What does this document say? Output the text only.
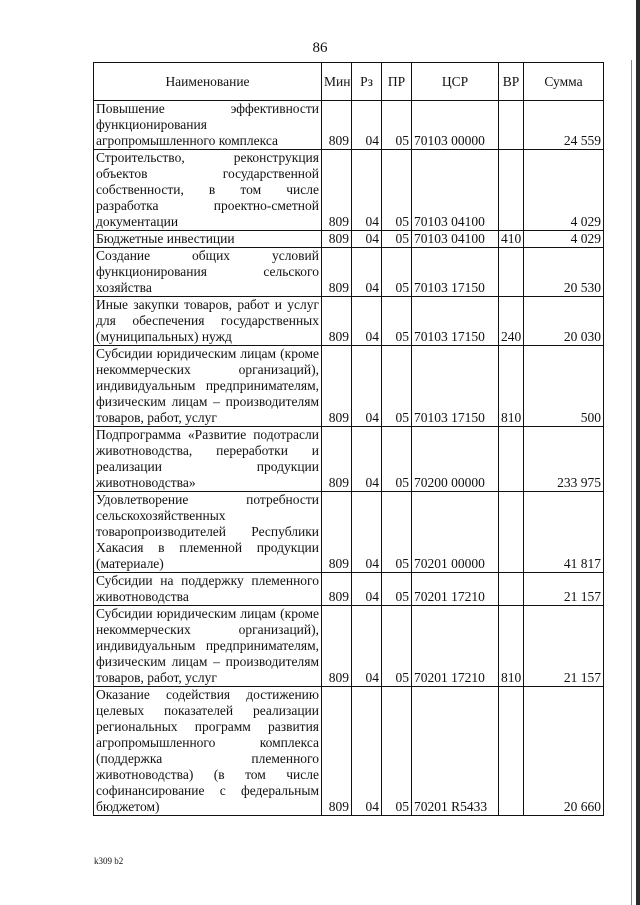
86
Наименование	Мин	Рз	ПР	ЦСР	ВР	Сумма
Повышение эффективности функционирования агропромышленного комплекса	809	04	05	70103 00000		24 559
Строительство, реконструкция объектов государственной собственности, в том числе разработка проектно-сметной документации	809	04	05	70103 04100		4 029
Бюджетные инвестиции	809	04	05	70103 04100	410	4 029
Создание общих условий функционирования сельского хозяйства	809	04	05	70103 17150		20 530
Иные закупки товаров, работ и услуг для обеспечения государственных (муниципальных) нужд	809	04	05	70103 17150	240	20 030
Субсидии юридическим лицам (кроме некоммерческих организаций), индивидуальным предпринимателям, физическим лицам – производителям товаров, работ, услуг	809	04	05	70103 17150	810	500
Подпрограмма «Развитие подотрасли животноводства, переработки и реализации продукции животноводства»	809	04	05	70200 00000		233 975
Удовлетворение потребности сельскохозяйственных товаропроизводителей Республики Хакасия в племенной продукции (материале)	809	04	05	70201 00000		41 817
Субсидии на поддержку племенного животноводства	809	04	05	70201 17210		21 157
Субсидии юридическим лицам (кроме некоммерческих организаций), индивидуальным предпринимателям, физическим лицам – производителям товаров, работ, услуг	809	04	05	70201 17210	810	21 157
Оказание содействия достижению целевых показателей реализации региональных программ развития агропромышленного комплекса (поддержка племенного животноводства) (в том числе софинансирование с федеральным бюджетом)	809	04	05	70201 R5433		20 660
k309 b2
